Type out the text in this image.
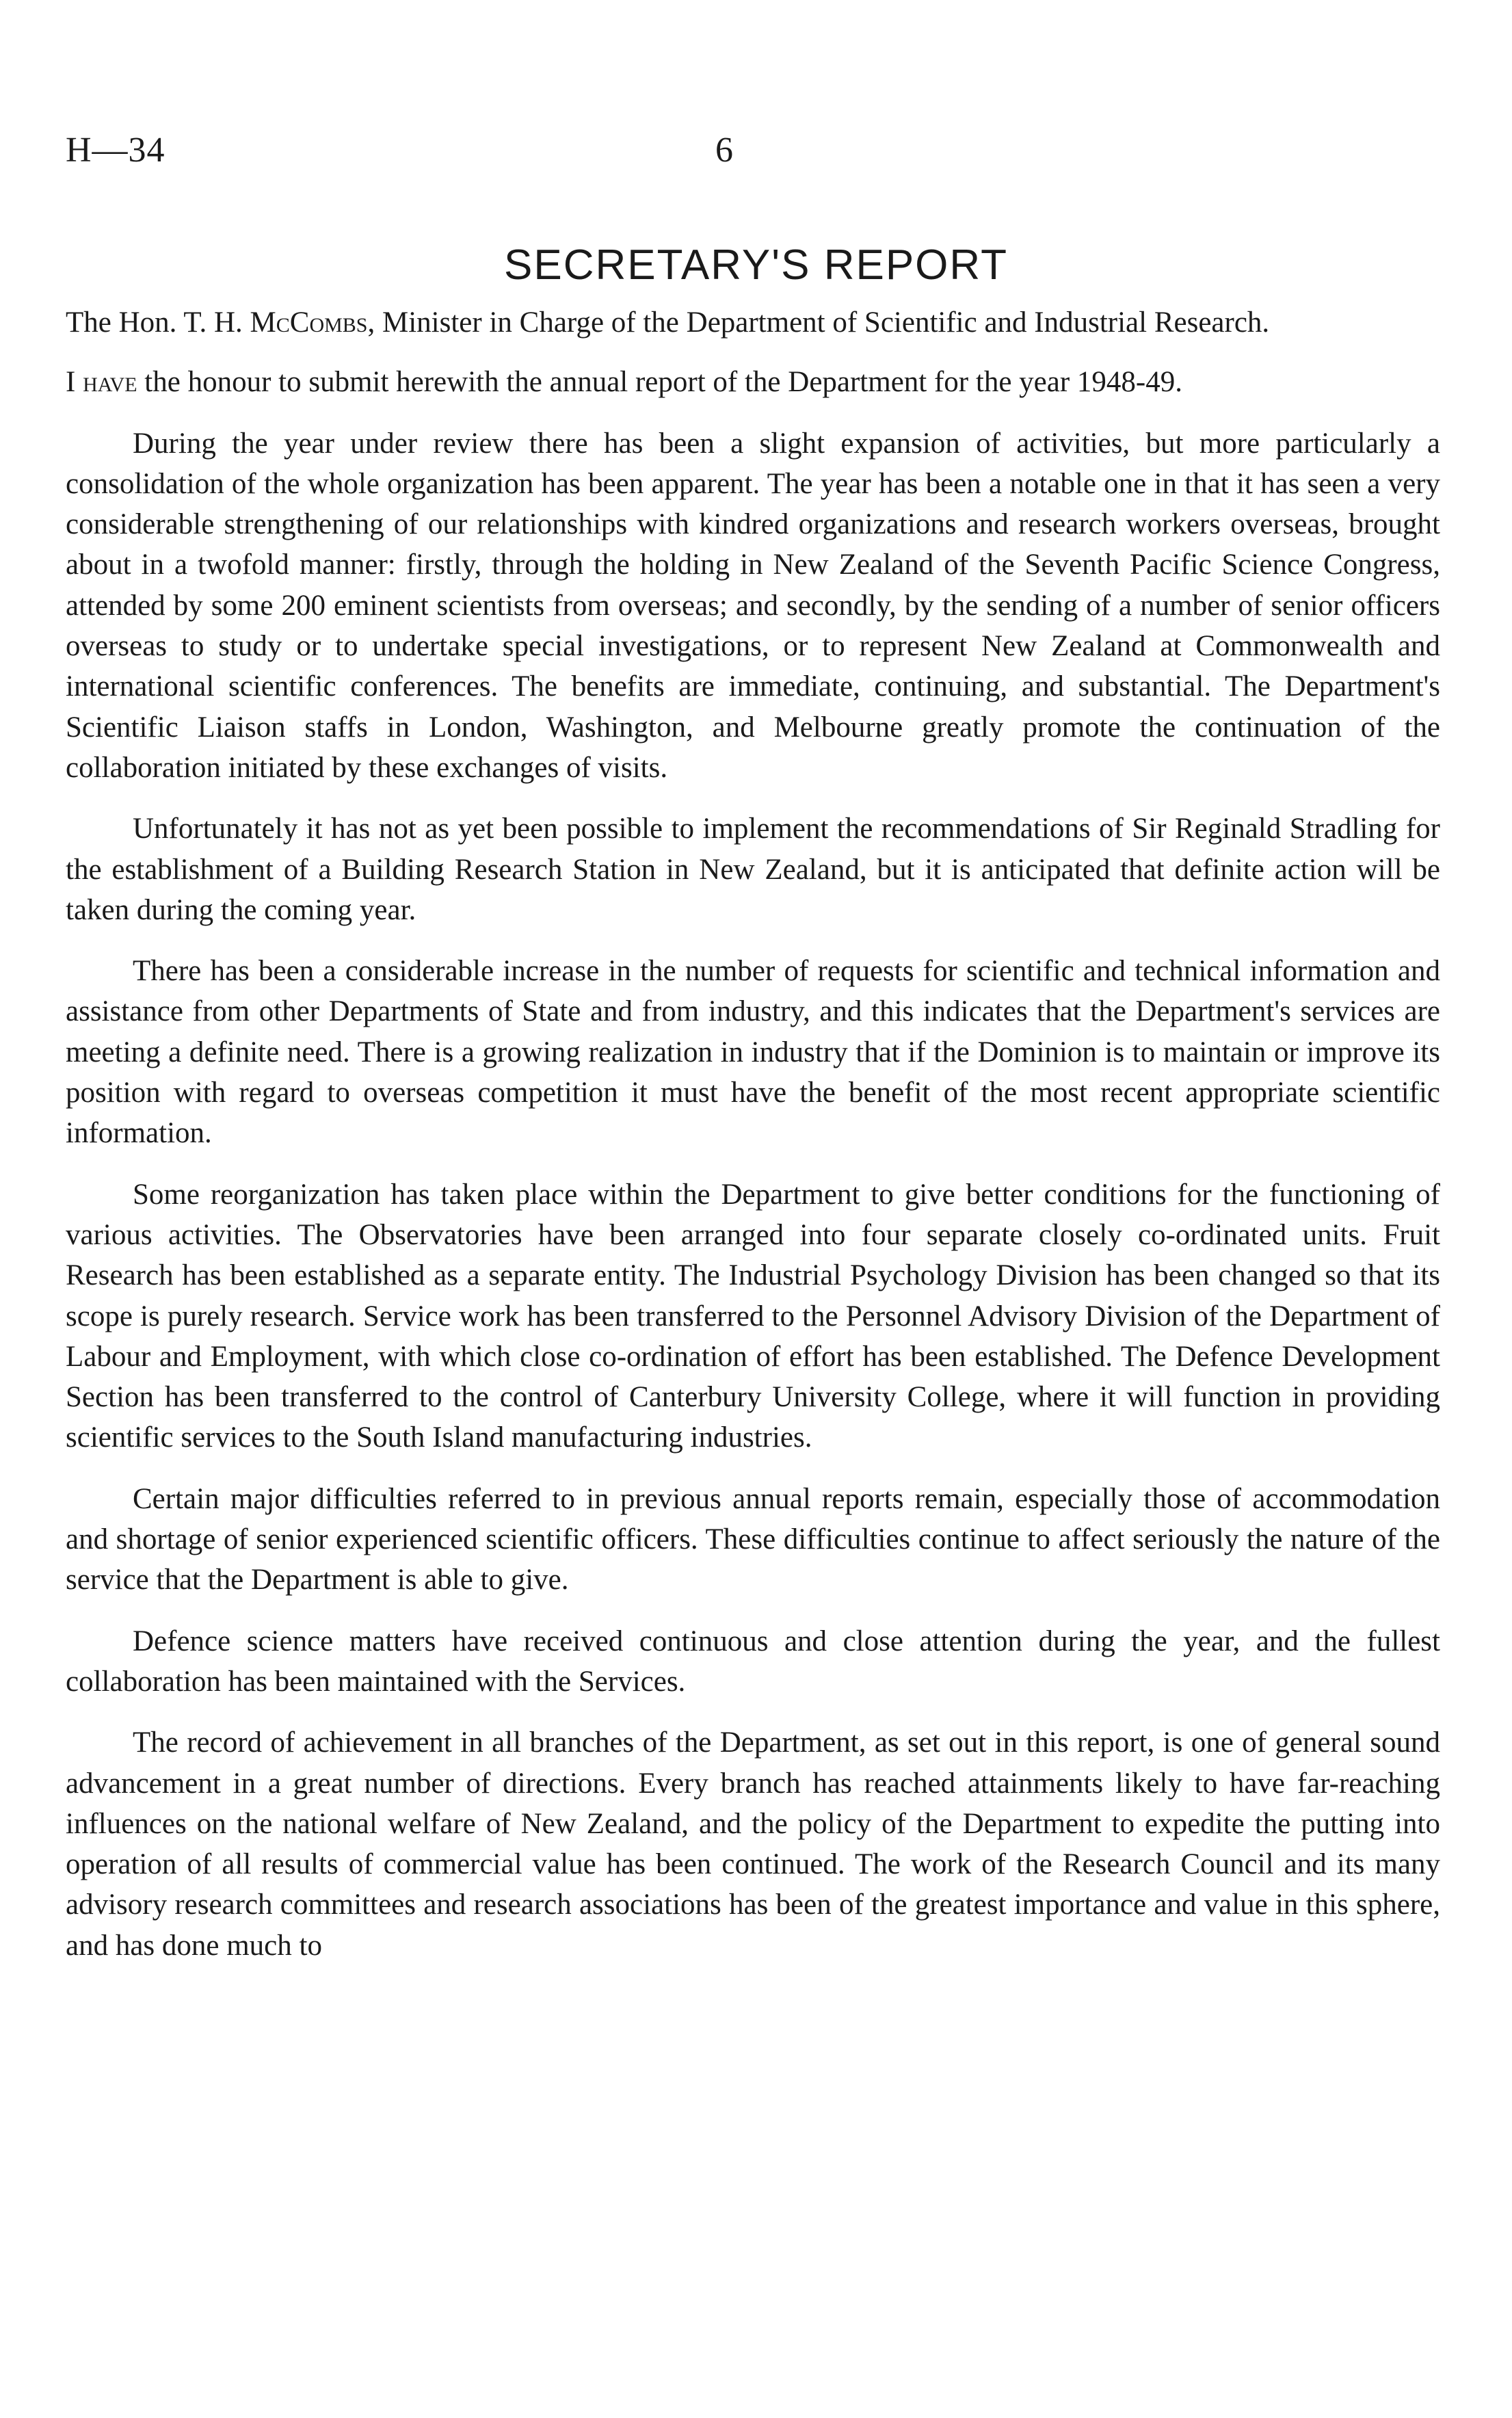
H—34	6
SECRETARY'S REPORT

The Hon. T. H. McCombs, Minister in Charge of the Department of Scientific and Industrial Research.

I have the honour to submit herewith the annual report of the Department for the year 1948-49.

During the year under review there has been a slight expansion of activities, but more particularly a consolidation of the whole organization has been apparent. The year has been a notable one in that it has seen a very considerable strengthening of our relationships with kindred organizations and research workers overseas, brought about in a twofold manner: firstly, through the holding in New Zealand of the Seventh Pacific Science Congress, attended by some 200 eminent scientists from overseas; and secondly, by the sending of a number of senior officers overseas to study or to undertake special investigations, or to represent New Zealand at Commonwealth and international scientific conferences. The benefits are immediate, continuing, and substantial. The Department's Scientific Liaison staffs in London, Washington, and Melbourne greatly promote the continuation of the collaboration initiated by these exchanges of visits.

Unfortunately it has not as yet been possible to implement the recommendations of Sir Reginald Stradling for the establishment of a Building Research Station in New Zealand, but it is anticipated that definite action will be taken during the coming year.

There has been a considerable increase in the number of requests for scientific and technical information and assistance from other Departments of State and from industry, and this indicates that the Department's services are meeting a definite need. There is a growing realization in industry that if the Dominion is to maintain or improve its position with regard to overseas competition it must have the benefit of the most recent appropriate scientific information.

Some reorganization has taken place within the Department to give better conditions for the functioning of various activities. The Observatories have been arranged into four separate closely co-ordinated units. Fruit Research has been established as a separate entity. The Industrial Psychology Division has been changed so that its scope is purely research. Service work has been transferred to the Personnel Advisory Division of the Department of Labour and Employment, with which close co-ordination of effort has been established. The Defence Development Section has been transferred to the control of Canterbury University College, where it will function in providing scientific services to the South Island manufacturing industries.

Certain major difficulties referred to in previous annual reports remain, especially those of accommodation and shortage of senior experienced scientific officers. These difficulties continue to affect seriously the nature of the service that the Department is able to give.

Defence science matters have received continuous and close attention during the year, and the fullest collaboration has been maintained with the Services.

The record of achievement in all branches of the Department, as set out in this report, is one of general sound advancement in a great number of directions. Every branch has reached attainments likely to have far-reaching influences on the national welfare of New Zealand, and the policy of the Department to expedite the putting into operation of all results of commercial value has been continued. The work of the Research Council and its many advisory research committees and research associations has been of the greatest importance and value in this sphere, and has done much to
